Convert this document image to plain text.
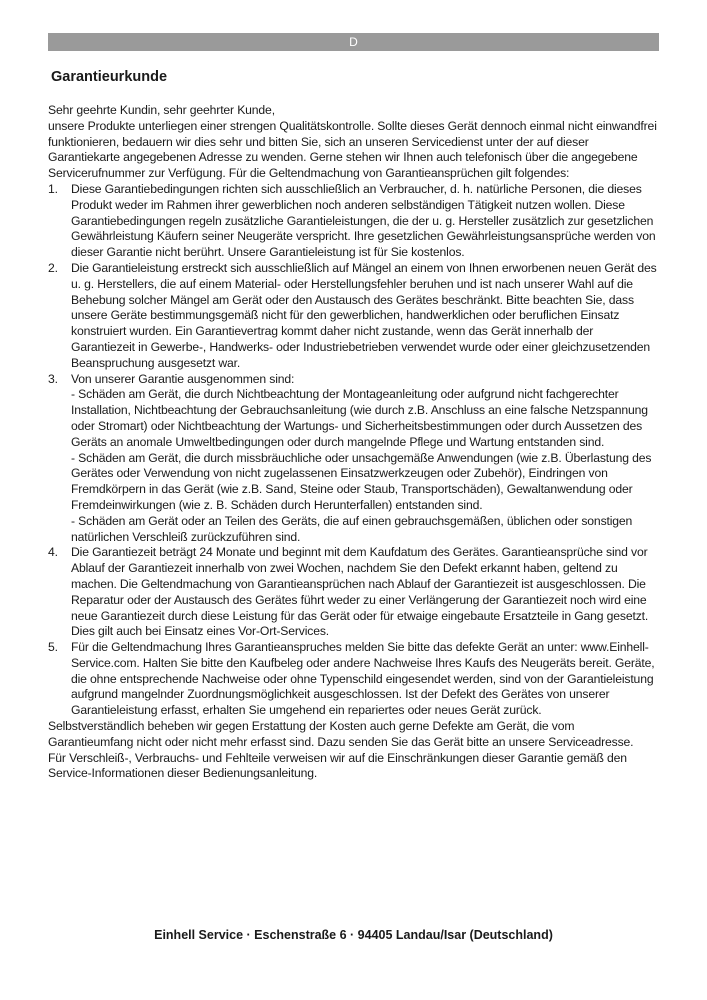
D
Garantieurkunde

Sehr geehrte Kundin, sehr geehrter Kunde,

unsere Produkte unterliegen einer strengen Qualitätskontrolle. Sollte dieses Gerät dennoch einmal nicht einwandfrei funktionieren, bedauern wir dies sehr und bitten Sie, sich an unseren Servicedienst unter der auf dieser Garantiekarte angegebenen Adresse zu wenden. Gerne stehen wir Ihnen auch telefonisch über die angegebene Servicerufnummer zur Verfügung. Für die Geltendmachung von Garantieansprüchen gilt folgendes:

1. Diese Garantiebedingungen richten sich ausschließlich an Verbraucher, d. h. natürliche Personen, die dieses Produkt weder im Rahmen ihrer gewerblichen noch anderen selbständigen Tätigkeit nutzen wollen. Diese Garantiebedingungen regeln zusätzliche Garantieleistungen, die der u. g. Hersteller zusätzlich zur gesetzlichen Gewährleistung Käufern seiner Neugeräte verspricht. Ihre gesetzlichen Gewährleistungsansprüche werden von dieser Garantie nicht berührt. Unsere Garantieleistung ist für Sie kostenlos.

2. Die Garantieleistung erstreckt sich ausschließlich auf Mängel an einem von Ihnen erworbenen neuen Gerät des u. g. Herstellers, die auf einem Material- oder Herstellungsfehler beruhen und ist nach unserer Wahl auf die Behebung solcher Mängel am Gerät oder den Austausch des Gerätes beschränkt. Bitte beachten Sie, dass unsere Geräte bestimmungsgemäß nicht für den gewerblichen, handwerklichen oder beruflichen Einsatz konstruiert wurden. Ein Garantievertrag kommt daher nicht zustande, wenn das Gerät innerhalb der Garantiezeit in Gewerbe-, Handwerks- oder Industriebetrieben verwendet wurde oder einer gleichzusetzenden Beanspruchung ausgesetzt war.

3. Von unserer Garantie ausgenommen sind:

- Schäden am Gerät, die durch Nichtbeachtung der Montageanleitung oder aufgrund nicht fachgerechter Installation, Nichtbeachtung der Gebrauchsanleitung (wie durch z.B. Anschluss an eine falsche Netzspannung oder Stromart) oder Nichtbeachtung der Wartungs- und Sicherheitsbestimmungen oder durch Aussetzen des Geräts an anomale Umweltbedingungen oder durch mangelnde Pflege und Wartung entstanden sind.

- Schäden am Gerät, die durch missbräuchliche oder unsachgemäße Anwendungen (wie z.B. Überlastung des Gerätes oder Verwendung von nicht zugelassenen Einsatzwerkzeugen oder Zubehör), Eindringen von Fremdkörpern in das Gerät (wie z.B. Sand, Steine oder Staub, Transportschäden), Gewaltanwendung oder Fremdeinwirkungen (wie z. B. Schäden durch Herunterfallen) entstanden sind.

- Schäden am Gerät oder an Teilen des Geräts, die auf einen gebrauchsgemäßen, üblichen oder sonstigen natürlichen Verschleiß zurückzuführen sind.

4. Die Garantiezeit beträgt 24 Monate und beginnt mit dem Kaufdatum des Gerätes. Garantieansprüche sind vor Ablauf der Garantiezeit innerhalb von zwei Wochen, nachdem Sie den Defekt erkannt haben, geltend zu machen. Die Geltendmachung von Garantieansprüchen nach Ablauf der Garantiezeit ist ausgeschlossen. Die Reparatur oder der Austausch des Gerätes führt weder zu einer Verlängerung der Garantiezeit noch wird eine neue Garantiezeit durch diese Leistung für das Gerät oder für etwaige eingebaute Ersatzteile in Gang gesetzt. Dies gilt auch bei Einsatz eines Vor-Ort-Services.

5. Für die Geltendmachung Ihres Garantieanspruches melden Sie bitte das defekte Gerät an unter: www.Einhell-Service.com. Halten Sie bitte den Kaufbeleg oder andere Nachweise Ihres Kaufs des Neugeräts bereit. Geräte, die ohne entsprechende Nachweise oder ohne Typenschild eingesendet werden, sind von der Garantieleistung aufgrund mangelnder Zuordnungsmöglichkeit ausgeschlossen. Ist der Defekt des Gerätes von unserer Garantieleistung erfasst, erhalten Sie umgehend ein repariertes oder neues Gerät zurück.

Selbstverständlich beheben wir gegen Erstattung der Kosten auch gerne Defekte am Gerät, die vom Garantieumfang nicht oder nicht mehr erfasst sind. Dazu senden Sie das Gerät bitte an unsere Serviceadresse.

Für Verschleiß-, Verbrauchs- und Fehlteile verweisen wir auf die Einschränkungen dieser Garantie gemäß den Service-Informationen dieser Bedienungsanleitung.

Einhell Service · Eschenstraße 6 · 94405 Landau/Isar (Deutschland)
